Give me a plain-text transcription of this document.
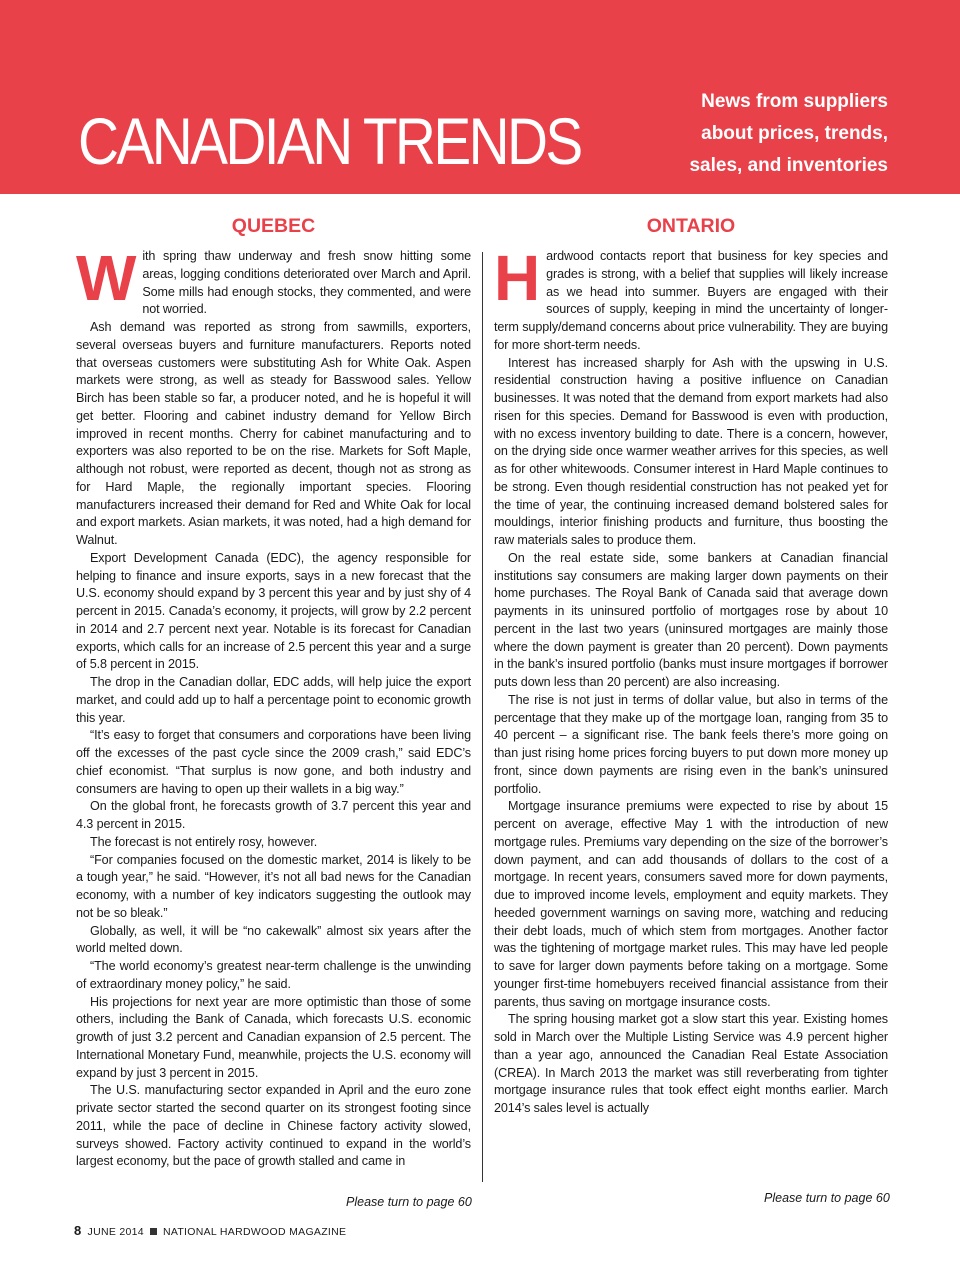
CANADIAN TRENDS
News from suppliers
about prices, trends,
sales, and inventories
QUEBEC

With spring thaw underway and fresh snow hitting some areas, logging conditions deteriorated over March and April. Some mills had enough stocks, they commented, and were not worried.

Ash demand was reported as strong from sawmills, exporters, several overseas buyers and furniture manufacturers. Reports noted that overseas customers were substituting Ash for White Oak. Aspen markets were strong, as well as steady for Basswood sales. Yellow Birch has been stable so far, a producer noted, and he is hopeful it will get better. Flooring and cabinet industry demand for Yellow Birch improved in recent months. Cherry for cabinet manufacturing and to exporters was also reported to be on the rise. Markets for Soft Maple, although not robust, were reported as decent, though not as strong as for Hard Maple, the regionally important species. Flooring manufacturers increased their demand for Red and White Oak for local and export markets. Asian markets, it was noted, had a high demand for Walnut.

Export Development Canada (EDC), the agency responsible for helping to finance and insure exports, says in a new forecast that the U.S. economy should expand by 3 percent this year and by just shy of 4 percent in 2015. Canada’s economy, it projects, will grow by 2.2 percent in 2014 and 2.7 percent next year. Notable is its forecast for Canadian exports, which calls for an increase of 2.5 percent this year and a surge of 5.8 percent in 2015.

The drop in the Canadian dollar, EDC adds, will help juice the export market, and could add up to half a percentage point to economic growth this year.

“It’s easy to forget that consumers and corporations have been living off the excesses of the past cycle since the 2009 crash,” said EDC’s chief economist. “That surplus is now gone, and both industry and consumers are having to open up their wallets in a big way.”

On the global front, he forecasts growth of 3.7 percent this year and 4.3 percent in 2015.

The forecast is not entirely rosy, however.

“For companies focused on the domestic market, 2014 is likely to be a tough year,” he said. “However, it’s not all bad news for the Canadian economy, with a number of key indicators suggesting the outlook may not be so bleak.”

Globally, as well, it will be “no cakewalk” almost six years after the world melted down.

“The world economy’s greatest near-term challenge is the unwinding of extraordinary money policy,” he said.

His projections for next year are more optimistic than those of some others, including the Bank of Canada, which forecasts U.S. economic growth of just 3.2 percent and Canadian expansion of 2.5 percent. The International Monetary Fund, meanwhile, projects the U.S. economy will expand by just 3 percent in 2015.

The U.S. manufacturing sector expanded in April and the euro zone private sector started the second quarter on its strongest footing since 2011, while the pace of decline in Chinese factory activity slowed, surveys showed. Factory activity continued to expand in the world’s largest economy, but the pace of growth stalled and came in

ONTARIO

Hardwood contacts report that business for key species and grades is strong, with a belief that supplies will likely increase as we head into summer. Buyers are engaged with their sources of supply, keeping in mind the uncertainty of longer-term supply/demand concerns about price vulnerability. They are buying for more short-term needs.

Interest has increased sharply for Ash with the upswing in U.S. residential construction having a positive influence on Canadian businesses. It was noted that the demand from export markets had also risen for this species. Demand for Basswood is even with production, with no excess inventory building to date. There is a concern, however, on the drying side once warmer weather arrives for this species, as well as for other whitewoods. Consumer interest in Hard Maple continues to be strong. Even though residential construction has not peaked yet for the time of year, the continuing increased demand bolstered sales for mouldings, interior finishing products and furniture, thus boosting the raw materials sales to produce them.

On the real estate side, some bankers at Canadian financial institutions say consumers are making larger down payments on their home purchases. The Royal Bank of Canada said that average down payments in its uninsured portfolio of mortgages rose by about 10 percent in the last two years (uninsured mortgages are mainly those where the down payment is greater than 20 percent). Down payments in the bank’s insured portfolio (banks must insure mortgages if borrower puts down less than 20 percent) are also increasing.

The rise is not just in terms of dollar value, but also in terms of the percentage that they make up of the mortgage loan, ranging from 35 to 40 percent – a significant rise. The bank feels there’s more going on than just rising home prices forcing buyers to put down more money up front, since down payments are rising even in the bank’s uninsured portfolio.

Mortgage insurance premiums were expected to rise by about 15 percent on average, effective May 1 with the introduction of new mortgage rules. Premiums vary depending on the size of the borrower’s down payment, and can add thousands of dollars to the cost of a mortgage. In recent years, consumers saved more for down payments, due to improved income levels, employment and equity markets. They heeded government warnings on saving more, watching and reducing their debt loads, much of which stem from mortgages. Another factor was the tightening of mortgage market rules. This may have led people to save for larger down payments before taking on a mortgage. Some younger first-time homebuyers received financial assistance from their parents, thus saving on mortgage insurance costs.

The spring housing market got a slow start this year. Existing homes sold in March over the Multiple Listing Service was 4.9 percent higher than a year ago, announced the Canadian Real Estate Association (CREA). In March 2013 the market was still reverberating from tighter mortgage insurance rules that took effect eight months earlier. March 2014’s sales level is actually

Please turn to page 60	Please turn to page 60
8 JUNE 2014 NATIONAL HARDWOOD MAGAZINE
